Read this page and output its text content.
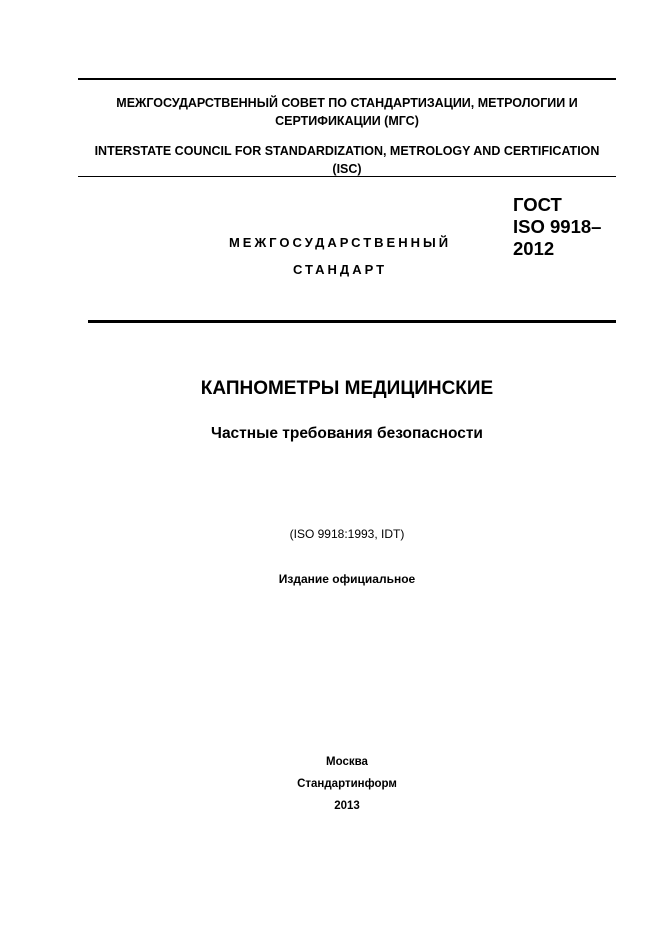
МЕЖГОСУДАРСТВЕННЫЙ СОВЕТ ПО СТАНДАРТИЗАЦИИ, МЕТРОЛОГИИ И СЕРТИФИКАЦИИ (МГС)
INTERSTATE COUNCIL FOR STANDARDIZATION, METROLOGY AND CERTIFICATION (ISC)
МЕЖГОСУДАРСТВЕННЫЙ
СТАНДАРТ
ГОСТ
ISO 9918–
2012
КАПНОМЕТРЫ МЕДИЦИНСКИЕ
Частные требования безопасности
(ISO 9918:1993, IDT)
Издание официальное
Москва
Стандартинформ
2013
